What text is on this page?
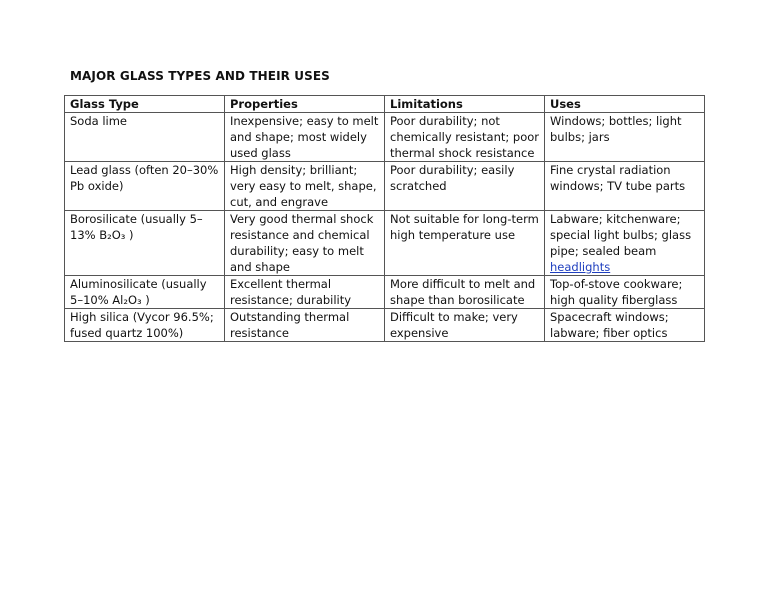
MAJOR GLASS TYPES AND THEIR USES
Glass Type	Properties	Limitations	Uses
Soda lime	Inexpensive; easy to melt and shape; most widely used glass	Poor durability; not chemically resistant; poor thermal shock resistance	Windows; bottles; light bulbs; jars
Lead glass (often 20–30% Pb oxide)	High density; brilliant; very easy to melt, shape, cut, and engrave	Poor durability; easily scratched	Fine crystal radiation windows; TV tube parts
Borosilicate (usually 5–13% B₂O₃ )	Very good thermal shock resistance and chemical durability; easy to melt and shape	Not suitable for long-term high temperature use	Labware; kitchenware; special light bulbs; glass pipe; sealed beam headlights
Aluminosilicate (usually 5–10% Al₂O₃ )	Excellent thermal resistance; durability	More difficult to melt and shape than borosilicate	Top-of-stove cookware; high quality fiberglass
High silica (Vycor 96.5%; fused quartz 100%)	Outstanding thermal resistance	Difficult to make; very expensive	Spacecraft windows; labware; fiber optics
